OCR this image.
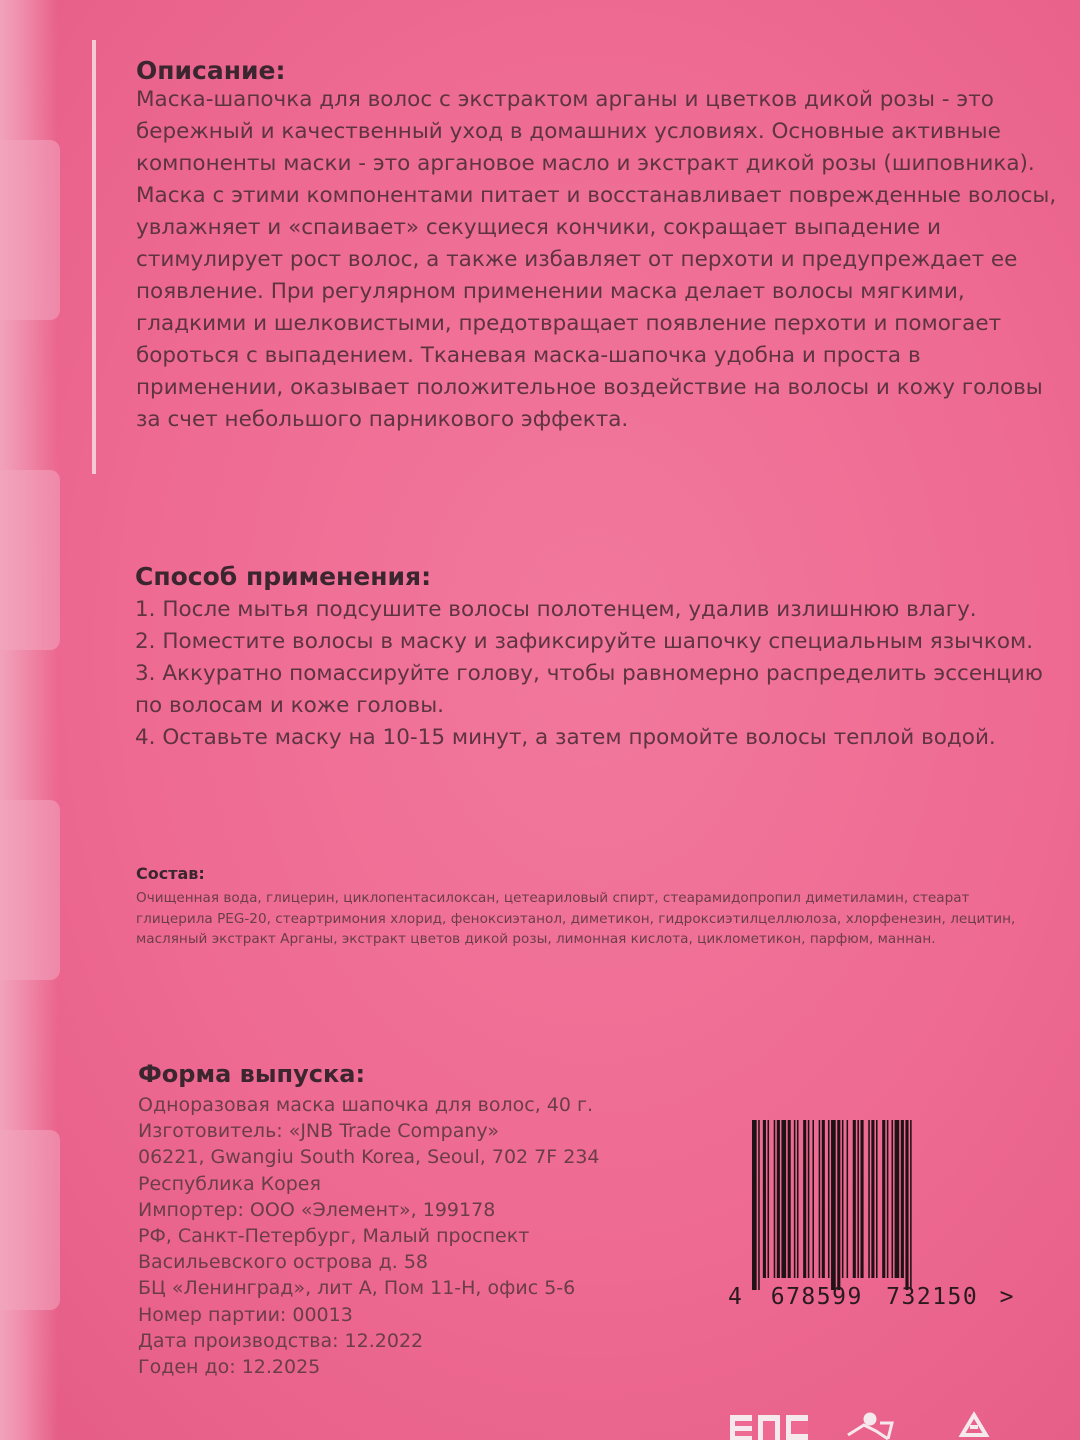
Описание:
Маска-шапочка для волос с экстрактом арганы и цветков дикой розы - это бережный и качественный уход в домашних условиях. Основные активные компоненты маски - это аргановое масло и экстракт дикой розы (шиповника). Маска с этими компонентами питает и восстанавливает поврежденные волосы, увлажняет и «спаивает» секущиеся кончики, сокращает выпадение и стимулирует рост волос, а также избавляет от перхоти и предупреждает ее появление. При регулярном применении маска делает волосы мягкими, гладкими и шелковистыми, предотвращает появление перхоти и помогает бороться с выпадением. Тканевая маска-шапочка удобна и проста в применении, оказывает положительное воздействие на волосы и кожу головы за счет небольшого парникового эффекта.
Способ применения:
1. После мытья подсушите волосы полотенцем, удалив излишнюю влагу.
2. Поместите волосы в маску и зафиксируйте шапочку специальным язычком.
3. Аккуратно помассируйте голову, чтобы равномерно распределить эссенцию по волосам и коже головы.
4. Оставьте маску на 10-15 минут, а затем промойте волосы теплой водой.
Состав:
Очищенная вода, глицерин, циклопентасилоксан, цетеариловый спирт, стеарамидопропил диметиламин, стеарат глицерила PEG-20, стеартримония хлорид, феноксиэтанол, диметикон, гидроксиэтилцеллюлоза, хлорфенезин, лецитин, масляный экстракт Арганы, экстракт цветов дикой розы, лимонная кислота, циклометикон, парфюм, маннан.
Форма выпуска:
Одноразовая маска шапочка для волос, 40 г.
Изготовитель: «JNB Trade Company»
06221, Gwangiu South Korea, Seoul, 702 7F 234
Республика Корея
Импортер: ООО «Элемент», 199178
РФ, Санкт-Петербург, Малый проспект
Васильевского острова д. 58
БЦ «Ленинград», лит А, Пом 11-Н, офис 5-6
Номер партии: 00013
Дата производства: 12.2022
Годен до: 12.2025
4 678599 732150 >
